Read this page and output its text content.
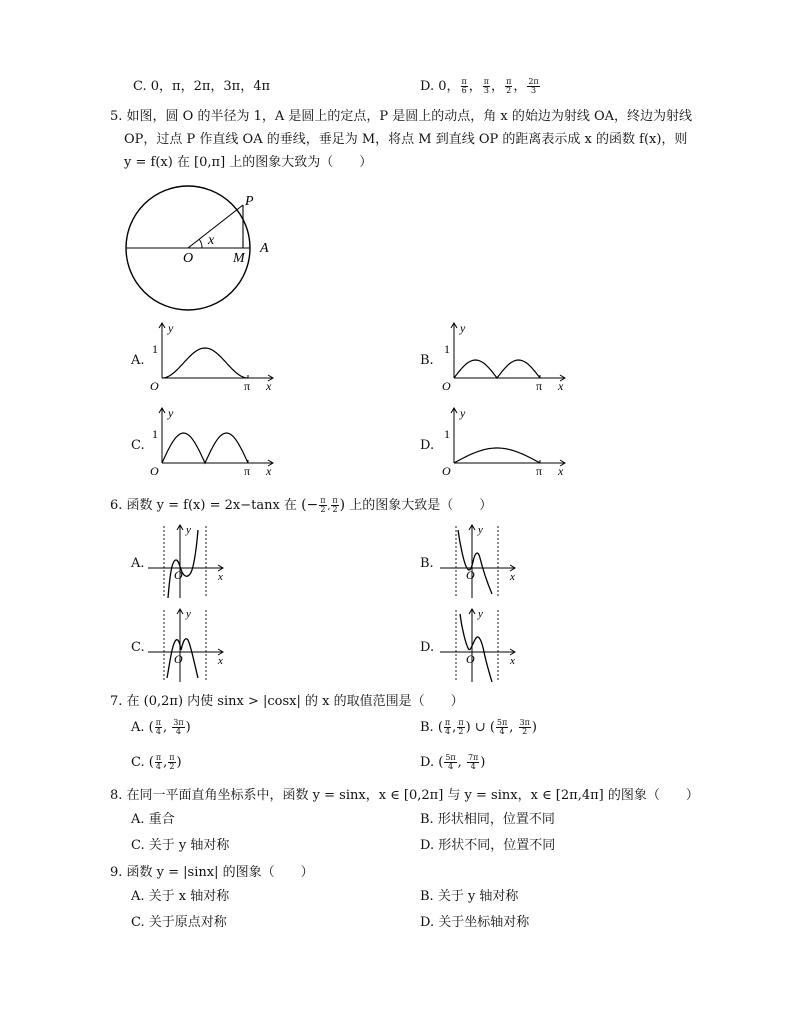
C. 0，π，2π，3π，4π	D. 0， $\frac{\pi}{6}$ ， $\frac{\pi}{3}$ ， $\frac{\pi}{2}$ ， $\frac{2\pi}{3}$
5. 如图，圆 O 的半径为 1，A 是圆上的定点，P 是圆上的动点，角 x 的始边为射线 OA，终边为射线
OP，过点 P 作直线 OA 的垂线，垂足为 M，将点 M 到直线 OP 的距离表示成 x 的函数 f(x)，则
y = f(x) 在 [0,π] 上的图象大致为（　　）
P
x
O	M
A
A.
y
x
1
O	π
B.
y
x
1
O	π
C.
y
x
1
O	π
D.
y
x
1
O	π
6. 函数 y = f(x) = 2x−tanx 在 (− $\frac{\pi}{2}$ , $\frac{\pi}{2}$ ) 上的图象大致是（　　）
A.
y
x
O
B.
y
x
O
C.
y
x
O
D.
y
x
O
7. 在 (0,2π) 内使 sinx > |cosx| 的 x 的取值范围是（　　）
A. ( $\frac{\pi}{4}$ , $\frac{3\pi}{4}$ )	B. ( $\frac{\pi}{4}$ , $\frac{\pi}{2}$ ) ∪ ( $\frac{5\pi}{4}$ , $\frac{3\pi}{2}$ )
C. ( $\frac{\pi}{4}$ , $\frac{\pi}{2}$ )	D. ( $\frac{5\pi}{4}$ , $\frac{7\pi}{4}$ )
8. 在同一平面直角坐标系中，函数 y = sinx，x ∈ [0,2π] 与 y = sinx，x ∈ [2π,4π] 的图象（　　）
A. 重合	B. 形状相同，位置不同
C. 关于 y 轴对称	D. 形状不同，位置不同
9. 函数 y = |sinx| 的图象（　　）
A. 关于 x 轴对称	B. 关于 y 轴对称
C. 关于原点对称	D. 关于坐标轴对称
